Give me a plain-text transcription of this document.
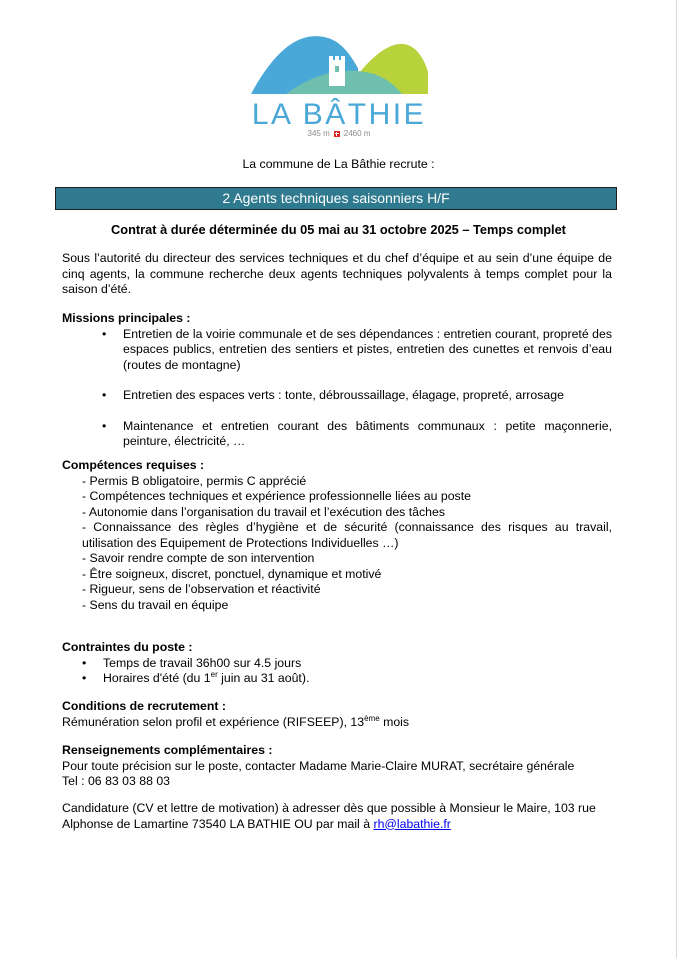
LA BÂTHIE
345 m 2460 m
La commune de La Bâthie recrute :
2 Agents techniques saisonniers H/F
Contrat à durée déterminée du 05 mai au 31 octobre 2025 – Temps complet
Sous l’autorité du directeur des services techniques et du chef d’équipe et au sein d’une équipe de cinq agents, la commune recherche deux agents techniques polyvalents à temps complet pour la saison d’été.
Missions principales :
• Entretien de la voirie communale et de ses dépendances : entretien courant, propreté des espaces publics, entretien des sentiers et pistes, entretien des cunettes et renvois d’eau (routes de montagne)
• Entretien des espaces verts : tonte, débroussaillage, élagage, propreté, arrosage
• Maintenance et entretien courant des bâtiments communaux : petite maçonnerie, peinture, électricité, …
Compétences requises :
- Permis B obligatoire, permis C apprécié
- Compétences techniques et expérience professionnelle liées au poste
- Autonomie dans l’organisation du travail et l’exécution des tâches
- Connaissance des règles d’hygiène et de sécurité (connaissance des risques au travail, utilisation des Equipement de Protections Individuelles …)
- Savoir rendre compte de son intervention
- Être soigneux, discret, ponctuel, dynamique et motivé
- Rigueur, sens de l’observation et réactivité
- Sens du travail en équipe
Contraintes du poste :
• Temps de travail 36h00 sur 4.5 jours
• Horaires d'été (du 1er juin au 31 août).
Conditions de recrutement :
Rémunération selon profil et expérience (RIFSEEP), 13ème mois
Renseignements complémentaires :
Pour toute précision sur le poste, contacter Madame Marie-Claire MURAT, secrétaire générale
Tel : 06 83 03 88 03
Candidature (CV et lettre de motivation) à adresser dès que possible à Monsieur le Maire, 103 rue Alphonse de Lamartine 73540 LA BATHIE OU par mail à rh@labathie.fr
